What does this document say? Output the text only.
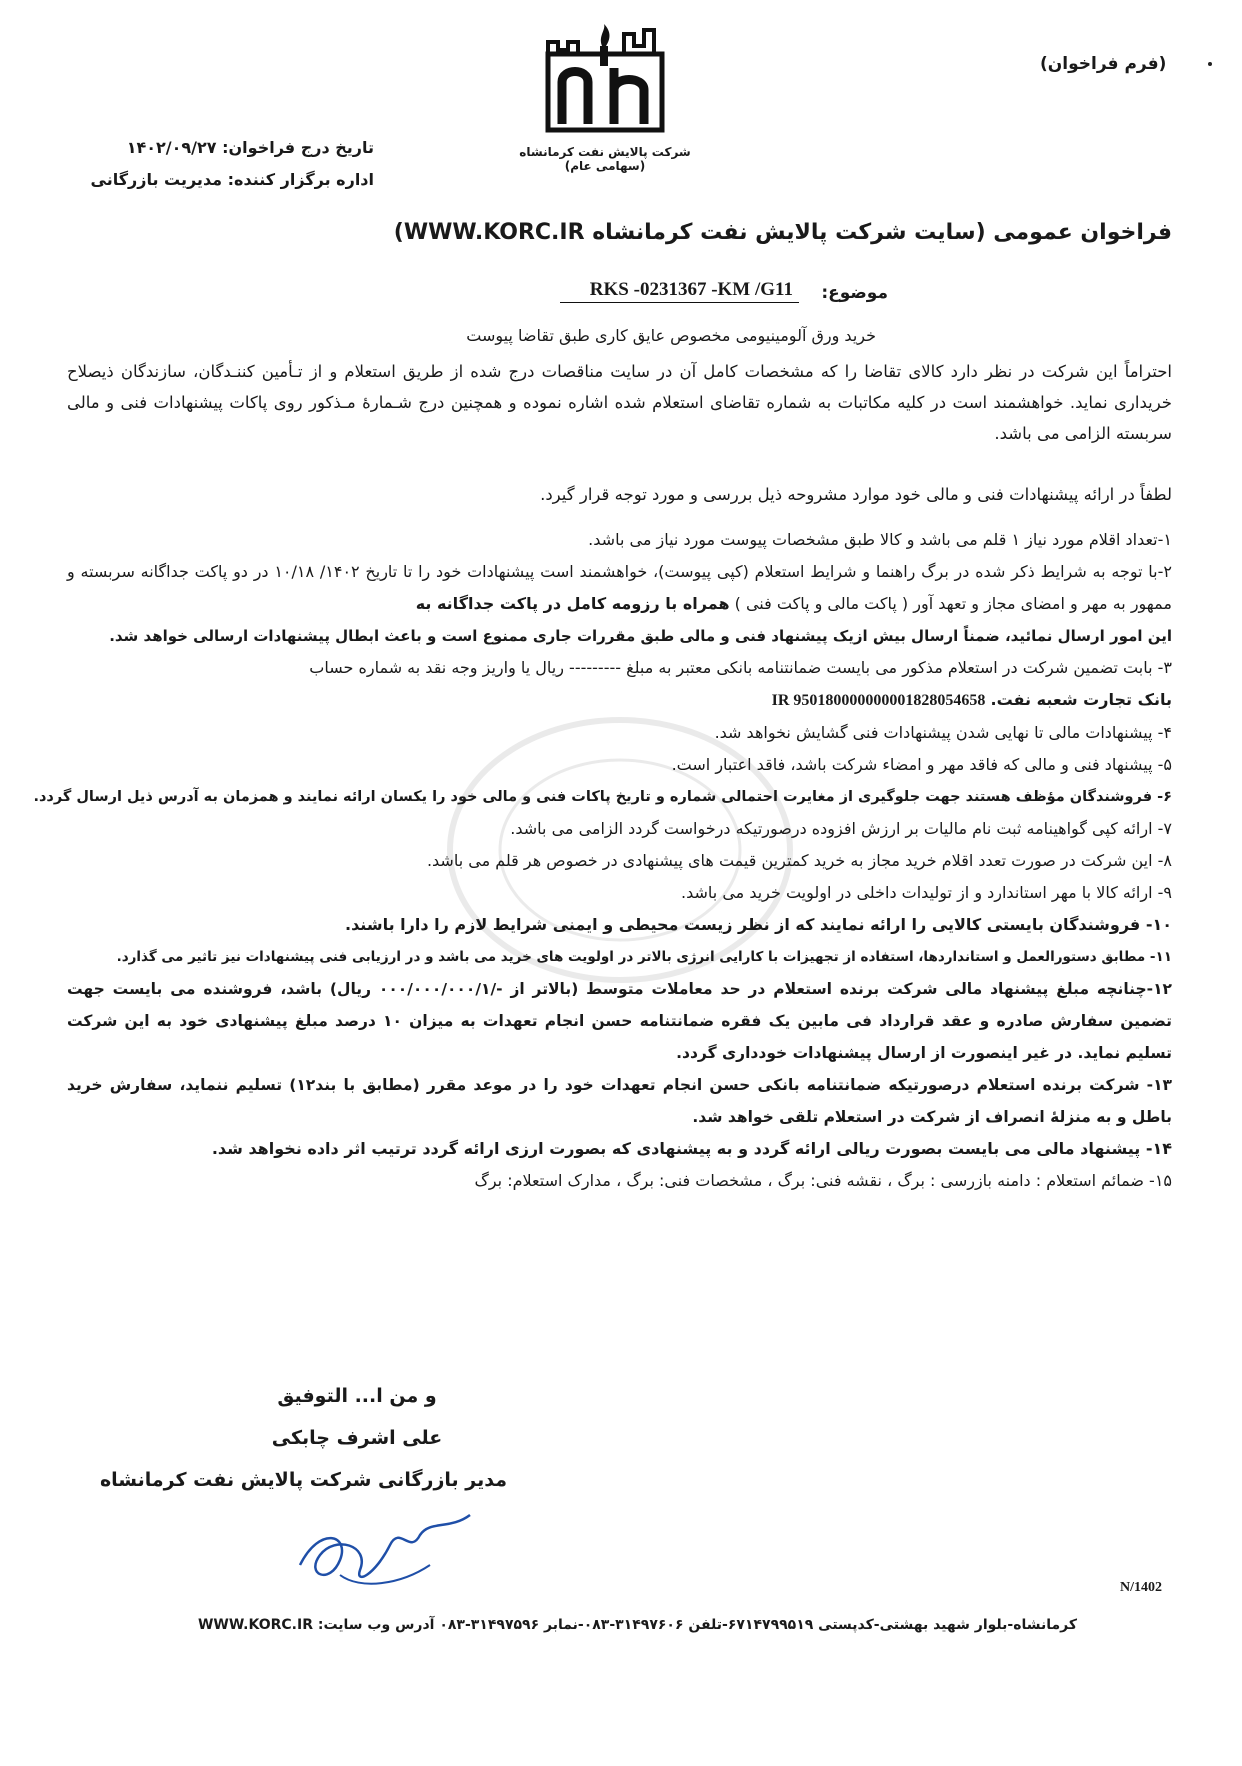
(فرم فراخوان)
شرکت پالایش نفت کرمانشاه (سهامی عام)
تاریخ درج فراخوان: ۱۴۰۲/۰۹/۲۷
اداره برگزار کننده: مدیریت بازرگانی
فراخوان عمومی (سایت شرکت پالایش نفت کرمانشاه WWW.KORC.IR)
موضوع:
RKS -0231367 -KM /G11
خرید ورق آلومینیومی مخصوص عایق کاری طبق تقاضا پیوست
احتراماً این شرکت در نظر دارد کالای تقاضا را که مشخصات کامل آن در سایت مناقصات درج شده از طریق استعلام و از تـأمین کننـدگان، سازندگان ذیصلاح خریداری نماید. خواهشمند است در کلیه مکاتبات به شماره تقاضای استعلام شده اشاره نموده و همچنین درج شـمارهٔ مـذکور روی پاکات پیشنهادات فنی و مالی سربسته الزامی می باشد.
لطفاً در ارائه پیشنهادات فنی و مالی خود موارد مشروحه ذیل بررسی و مورد توجه قرار گیرد.

۱-تعداد اقلام مورد نیاز ۱ قلم می باشد و کالا طبق مشخصات پیوست مورد نیاز می باشد.

۲-با توجه به شرایط ذکر شده در برگ راهنما و شرایط استعلام (کپی پیوست)، خواهشمند است پیشنهادات خود را تا تاریخ ۱۴۰۲/ ۱۰/۱۸ در دو پاکت جداگانه سربسته و ممهور به مهر و امضای مجاز و تعهد آور ( پاکت مالی و پاکت فنی ) همراه با رزومه کامل در پاکت جداگانه به

این امور ارسال نمائید، ضمناً ارسال بیش ازیک پیشنهاد فنی و مالی طبق مقررات جاری ممنوع است و باعث ابطال پیشنهادات ارسالی خواهد شد.

۳- بابت تضمین شرکت در استعلام مذکور می بایست ضمانتنامه بانکی معتبر به مبلغ --------- ریال یا واریز وجه نقد به شماره حساب
بانک تجارت شعبه نفت. IR 950180000000001828054658

۴- پیشنهادات مالی تا نهایی شدن پیشنهادات فنی گشایش نخواهد شد.

۵- پیشنهاد فنی و مالی که فاقد مهر و امضاء شرکت باشد، فاقد اعتبار است.

۶- فروشندگان مؤظف هستند جهت جلوگیری از مغایرت احتمالی شماره و تاریخ پاکات فنی و مالی خود را یکسان ارائه نمایند و همزمان به آدرس ذیل ارسال گردد.

۷- ارائه کپی گواهینامه ثبت نام مالیات بر ارزش افزوده درصورتیکه درخواست گردد الزامی می باشد.

۸- این شرکت در صورت تعدد اقلام خرید مجاز به خرید کمترین قیمت های پیشنهادی در خصوص هر قلم می باشد.

۹- ارائه کالا با مهر استاندارد و از تولیدات داخلی در اولویت خرید می باشد.

۱۰- فروشندگان بایستی کالایی را ارائه نمایند که از نظر زیست محیطی و ایمنی شرایط لازم را دارا باشند.

۱۱- مطابق دستورالعمل و استانداردها، استفاده از تجهیزات با کارایی انرژی بالاتر در اولویت های خرید می باشد و در ارزیابی فنی پیشنهادات نیز تاثیر می گذارد.

۱۲-چنانچه مبلغ پیشنهاد مالی شرکت برنده استعلام در حد معاملات متوسط (بالاتر از -/۰۰۰/۰۰۰/۰۰۰/۱ ریال) باشد، فروشنده می بایست جهت تضمین سفارش صادره و عقد قرارداد فی مابین یک فقره ضمانتنامه حسن انجام تعهدات به میزان ۱۰ درصد مبلغ پیشنهادی خود به این شرکت تسلیم نماید. در غیر اینصورت از ارسال پیشنهادات خودداری گردد.

۱۳- شرکت برنده استعلام درصورتیکه ضمانتنامه بانکی حسن انجام تعهدات خود را در موعد مقرر (مطابق با بند۱۲) تسلیم ننماید، سفارش خرید باطل و به منزلهٔ انصراف از شرکت در استعلام تلقی خواهد شد.

۱۴- پیشنهاد مالی می بایست بصورت ریالی ارائه گردد و به پیشنهادی که بصورت ارزی ارائه گردد ترتیب اثر داده نخواهد شد.

۱۵- ضمائم استعلام : دامنه بازرسی : برگ ، نقشه فنی: برگ ، مشخصات فنی: برگ ، مدارک استعلام: برگ

و من ا... التوفیق
علی اشرف چابکی
مدیر بازرگانی شرکت پالایش نفت کرمانشاه
N/1402
کرمانشاه-بلوار شهید بهشتی-کدپستی ۶۷۱۴۷۹۹۵۱۹-تلفن ۳۱۴۹۷۶۰۶-۰۸۳-نمابر ۳۱۴۹۷۵۹۶-۰۸۳ آدرس وب سایت: WWW.KORC.IR
